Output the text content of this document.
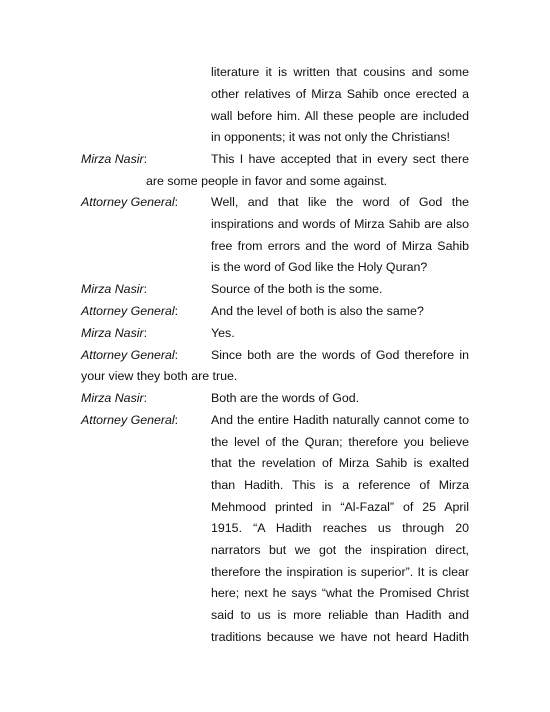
literature it is written that cousins and some
other relatives of Mirza Sahib once erected a
wall before him. All these people are included
in opponents; it was not only the Christians!
Mirza Nasir:	This I have accepted that in every sect there
are some people in favor and some against.
Attorney General:	Well, and that like the word of God the
inspirations and words of Mirza Sahib are also
free from errors and the word of Mirza Sahib
is the word of God like the Holy Quran?
Mirza Nasir:	Source of the both is the some.
Attorney General:	And the level of both is also the same?
Mirza Nasir:	Yes.
Attorney General:	Since both are the words of God therefore in
your view they both are true.
Mirza Nasir:	Both are the words of God.
Attorney General:	And the entire Hadith naturally cannot come to
the level of the Quran; therefore you believe
that the revelation of Mirza Sahib is exalted
than Hadith. This is a reference of Mirza
Mehmood printed in “Al-Fazal” of 25 April
1915. “A Hadith reaches us through 20
narrators but we got the inspiration direct,
therefore the inspiration is superior”. It is clear
here; next he says “what the Promised Christ
said to us is more reliable than Hadith and
traditions because we have not heard Hadith
